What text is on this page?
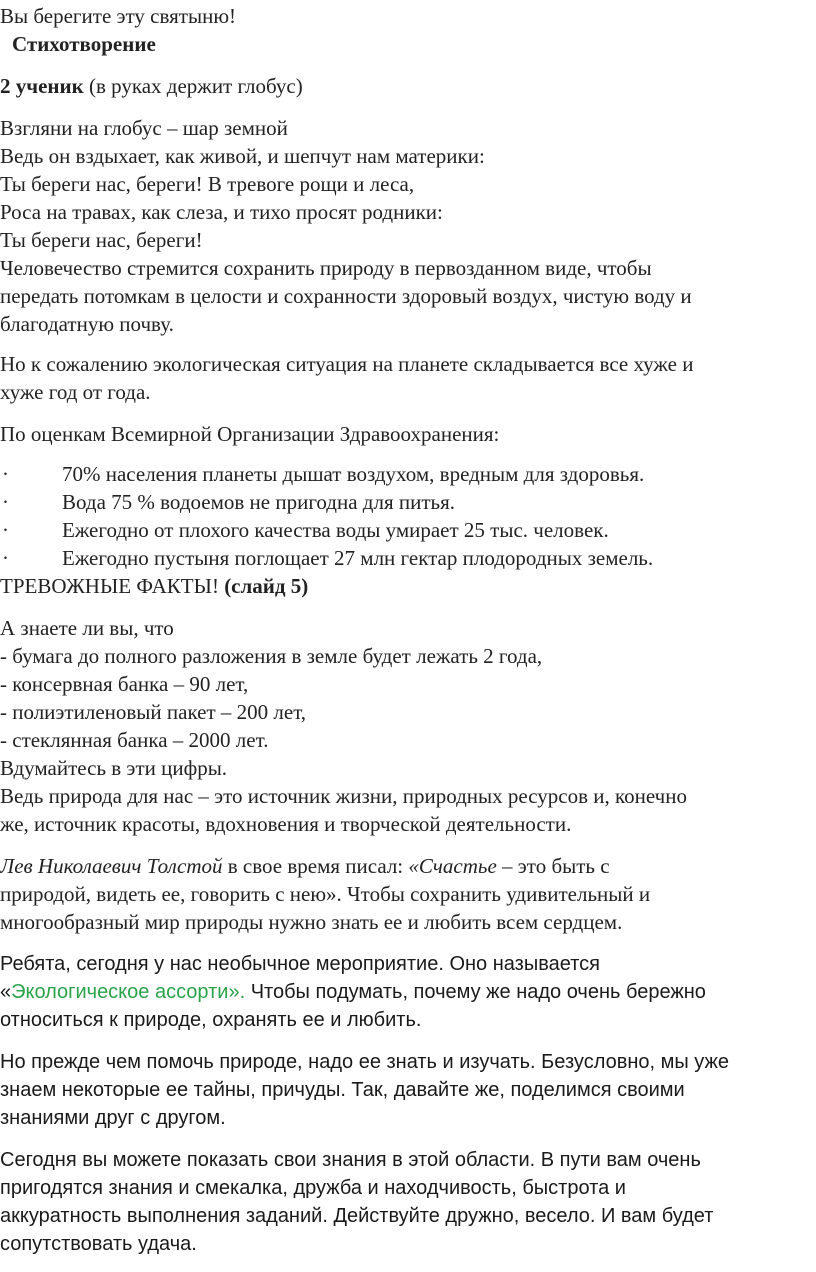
Вы берегите эту святыню!
Стихотворение
2 ученик (в руках держит глобус)
Взгляни на глобус – шар земной
Ведь он вздыхает, как живой, и шепчут нам материки:
Ты береги нас, береги! В тревоге рощи и леса,
Роса на травах, как слеза, и тихо просят родники:
Ты береги нас, береги!
Человечество стремится сохранить природу в первозданном виде, чтобы
передать потомкам в целости и сохранности здоровый воздух, чистую воду и
благодатную почву.
Но к сожалению экологическая ситуация на планете складывается все хуже и
хуже год от года.
По оценкам Всемирной Организации Здравоохранения:
·	70% населения планеты дышат воздухом, вредным для здоровья.
·	Вода 75 % водоемов не пригодна для питья.
·	Ежегодно от плохого качества воды умирает 25 тыс. человек.
·	Ежегодно пустыня поглощает 27 млн гектар плодородных земель.
ТРЕВОЖНЫЕ ФАКТЫ! (слайд 5)
А знаете ли вы, что
- бумага до полного разложения в земле будет лежать 2 года,
- консервная банка – 90 лет,
- полиэтиленовый пакет – 200 лет,
- стеклянная банка – 2000 лет.
Вдумайтесь в эти цифры.
Ведь природа для нас – это источник жизни, природных ресурсов и, конечно
же, источник красоты, вдохновения и творческой деятельности.
Лев Николаевич Толстой в свое время писал: «Счастье – это быть с
природой, видеть ее, говорить с нею». Чтобы сохранить удивительный и
многообразный мир природы нужно знать ее и любить всем сердцем.
Ребята, сегодня у нас необычное мероприятие. Оно называется
«Экологическое ассорти». Чтобы подумать, почему же надо очень бережно
относиться к природе, охранять ее и любить.
Но прежде чем помочь природе, надо ее знать и изучать. Безусловно, мы уже
знаем некоторые ее тайны, причуды. Так, давайте же, поделимся своими
знаниями друг с другом.
Сегодня вы можете показать свои знания в этой области. В пути вам очень
пригодятся знания и смекалка, дружба и находчивость, быстрота и
аккуратность выполнения заданий. Действуйте дружно, весело. И вам будет
сопутствовать удача.
